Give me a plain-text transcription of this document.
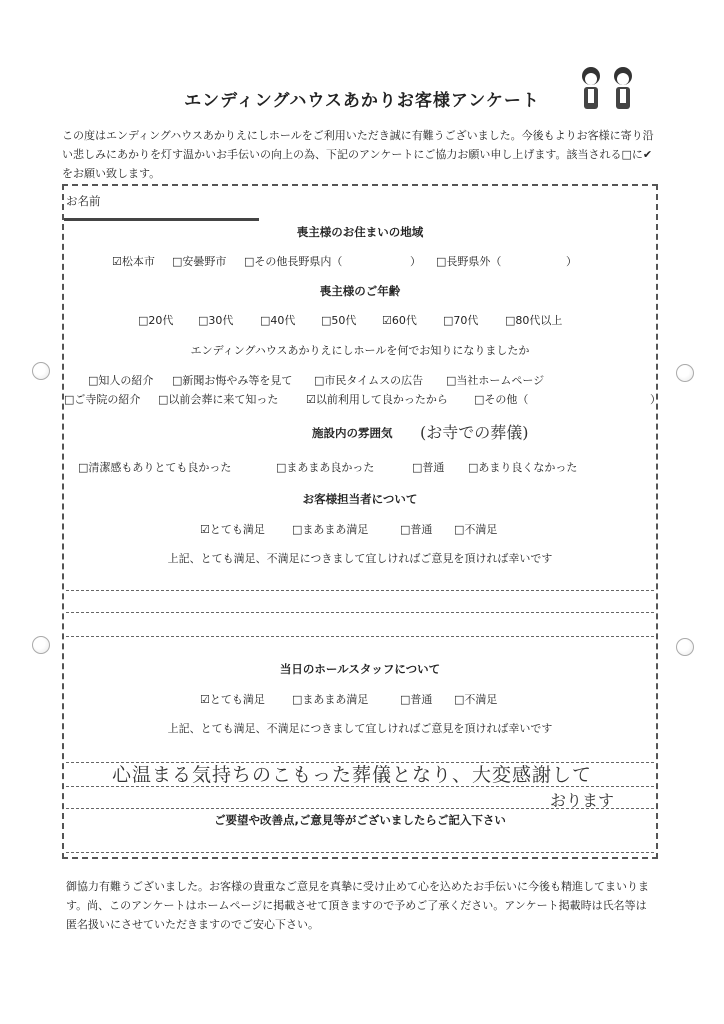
エンディングハウスあかりお客様アンケート
この度はエンディングハウスあかりえにしホールをご利用いただき誠に有難うございました。今後もよりお客様に寄り沿い悲しみにあかりを灯す温かいお手伝いの向上の為、下記のアンケートにご協力お願い申し上げます。該当される□に✔をお願い致します。
お名前
喪主様のお住まいの地域
☑松本市 □安曇野市 □その他長野県内（	） □長野県外（	）
喪主様のご年齢
□20代 □30代 □40代 □50代 ☑60代 □70代 □80代以上
エンディングハウスあかりえにしホールを何でお知りになりましたか
□知人の紹介 □新聞お悔やみ等を見て □市民タイムスの広告 □当社ホームページ
□ご寺院の紹介 □以前会葬に来て知った	☑以前利用して良かったから □その他（	）
施設内の雰囲気 (お寺での葬儀)
□清潔感もありとても良かった	□まあまあ良かった	□普通 □あまり良くなかった
お客様担当者について
☑とても満足 □まあまあ満足	□普通 □不満足
上記、とても満足、不満足につきまして宜しければご意見を頂ければ幸いです
当日のホールスタッフについて
☑とても満足 □まあまあ満足	□普通 □不満足
上記、とても満足、不満足につきまして宜しければご意見を頂ければ幸いです
心温まる気持ちのこもった葬儀となり、大変感謝して
おります
ご要望や改善点,ご意見等がございましたらご記入下さい
御協力有難うございました。お客様の貴重なご意見を真摯に受け止めて心を込めたお手伝いに今後も精進してまいります。尚、このアンケートはホームページに掲載させて頂きますので予めご了承ください。アンケート掲載時は氏名等は匿名扱いにさせていただきますのでご安心下さい。
